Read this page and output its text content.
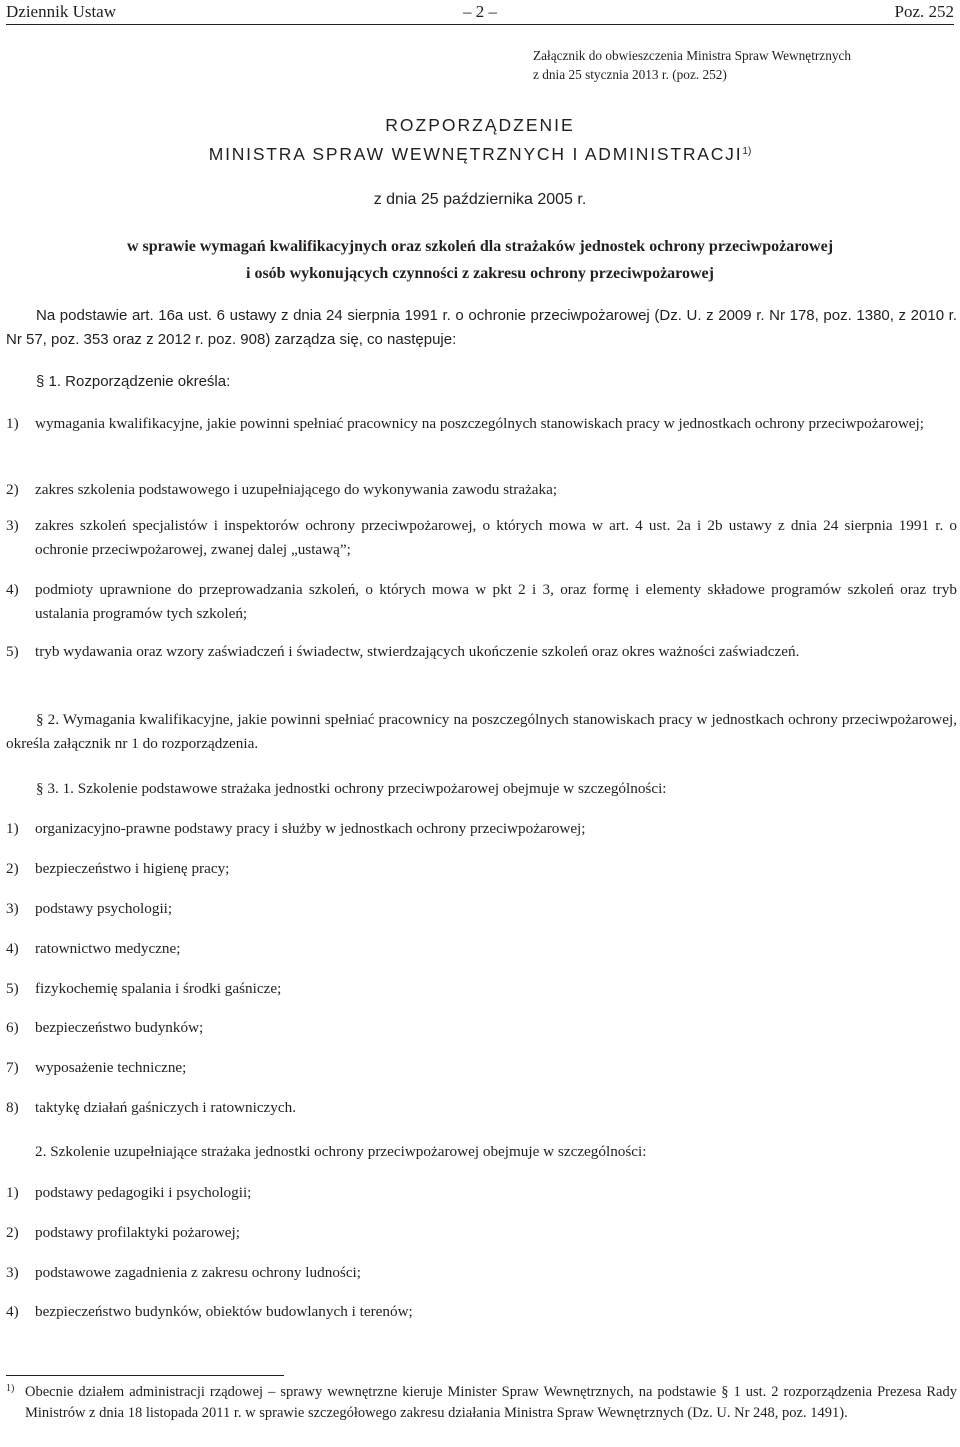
Dziennik Ustaw	– 2 –	Poz. 252
Załącznik do obwieszczenia Ministra Spraw Wewnętrznych
z dnia 25 stycznia 2013 r. (poz. 252)
ROZPORZĄDZENIE
MINISTRA SPRAW WEWNĘTRZNYCH I ADMINISTRACJI$^{1)}$
z dnia 25 października 2005 r.
w sprawie wymagań kwalifikacyjnych oraz szkoleń dla strażaków jednostek ochrony przeciwpożarowej
i osób wykonujących czynności z zakresu ochrony przeciwpożarowej
Na podstawie art. 16a ust. 6 ustawy z dnia 24 sierpnia 1991 r. o ochronie przeciwpożarowej (Dz. U. z 2009 r. Nr 178, poz. 1380, z 2010 r. Nr 57, poz. 353 oraz z 2012 r. poz. 908) zarządza się, co następuje:
§ 1. Rozporządzenie określa:
1) wymagania kwalifikacyjne, jakie powinni spełniać pracownicy na poszczególnych stanowiskach pracy w jednostkach ochrony przeciwpożarowej;
2) zakres szkolenia podstawowego i uzupełniającego do wykonywania zawodu strażaka;
3) zakres szkoleń specjalistów i inspektorów ochrony przeciwpożarowej, o których mowa w art. 4 ust. 2a i 2b ustawy z dnia 24 sierpnia 1991 r. o ochronie przeciwpożarowej, zwanej dalej „ustawą”;
4) podmioty uprawnione do przeprowadzania szkoleń, o których mowa w pkt 2 i 3, oraz formę i elementy składowe programów szkoleń oraz tryb ustalania programów tych szkoleń;
5) tryb wydawania oraz wzory zaświadczeń i świadectw, stwierdzających ukończenie szkoleń oraz okres ważności zaświadczeń.
§ 2. Wymagania kwalifikacyjne, jakie powinni spełniać pracownicy na poszczególnych stanowiskach pracy w jednostkach ochrony przeciwpożarowej, określa załącznik nr 1 do rozporządzenia.
§ 3. 1. Szkolenie podstawowe strażaka jednostki ochrony przeciwpożarowej obejmuje w szczególności:
1) organizacyjno-prawne podstawy pracy i służby w jednostkach ochrony przeciwpożarowej;
2) bezpieczeństwo i higienę pracy;
3) podstawy psychologii;
4) ratownictwo medyczne;
5) fizykochemię spalania i środki gaśnicze;
6) bezpieczeństwo budynków;
7) wyposażenie techniczne;
8) taktykę działań gaśniczych i ratowniczych.
2. Szkolenie uzupełniające strażaka jednostki ochrony przeciwpożarowej obejmuje w szczególności:
1) podstawy pedagogiki i psychologii;
2) podstawy profilaktyki pożarowej;
3) podstawowe zagadnienia z zakresu ochrony ludności;
4) bezpieczeństwo budynków, obiektów budowlanych i terenów;
1) Obecnie działem administracji rządowej – sprawy wewnętrzne kieruje Minister Spraw Wewnętrznych, na podstawie § 1 ust. 2 rozporządzenia Prezesa Rady Ministrów z dnia 18 listopada 2011 r. w sprawie szczegółowego zakresu działania Ministra Spraw Wewnętrznych (Dz. U. Nr 248, poz. 1491).
